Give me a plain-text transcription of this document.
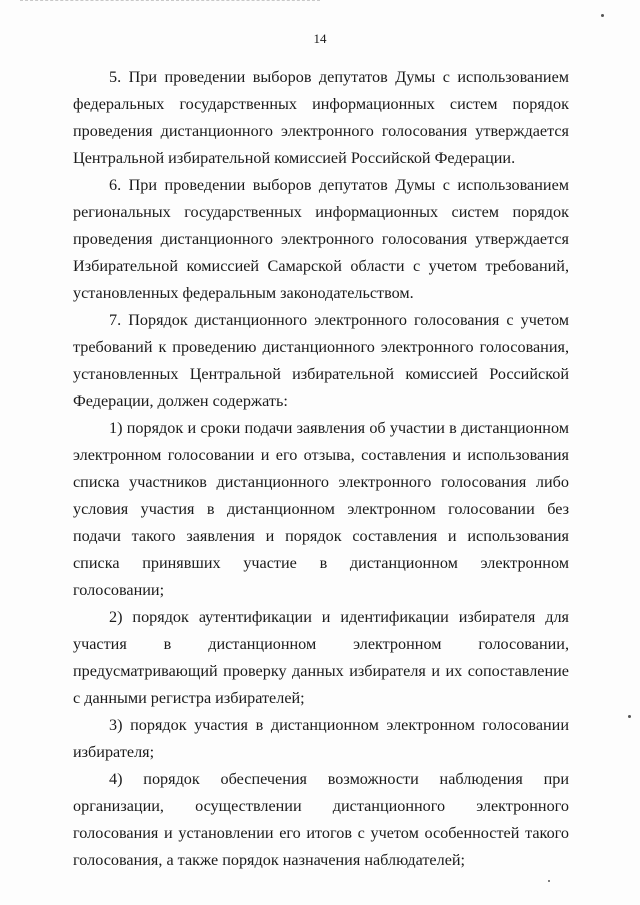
14

5. При проведении выборов депутатов Думы с использованием федеральных государственных информационных систем порядок проведения дистанционного электронного голосования утверждается Центральной избирательной комиссией Российской Федерации.

6. При проведении выборов депутатов Думы с использованием региональных государственных информационных систем порядок проведения дистанционного электронного голосования утверждается Избирательной комиссией Самарской области с учетом требований, установленных федеральным законодательством.

7. Порядок дистанционного электронного голосования с учетом требований к проведению дистанционного электронного голосования, установленных Центральной избирательной комиссией Российской Федерации, должен содержать:

1) порядок и сроки подачи заявления об участии в дистанционном электронном голосовании и его отзыва, составления и использования списка участников дистанционного электронного голосования либо условия участия в дистанционном электронном голосовании без подачи такого заявления и порядок составления и использования списка принявших участие в дистанционном электронном голосовании;

2) порядок аутентификации и идентификации избирателя для участия в дистанционном электронном голосовании, предусматривающий проверку данных избирателя и их сопоставление с данными регистра избирателей;

3) порядок участия в дистанционном электронном голосовании избирателя;

4) порядок обеспечения возможности наблюдения при организации, осуществлении дистанционного электронного голосования и установлении его итогов с учетом особенностей такого голосования, а также порядок назначения наблюдателей;
